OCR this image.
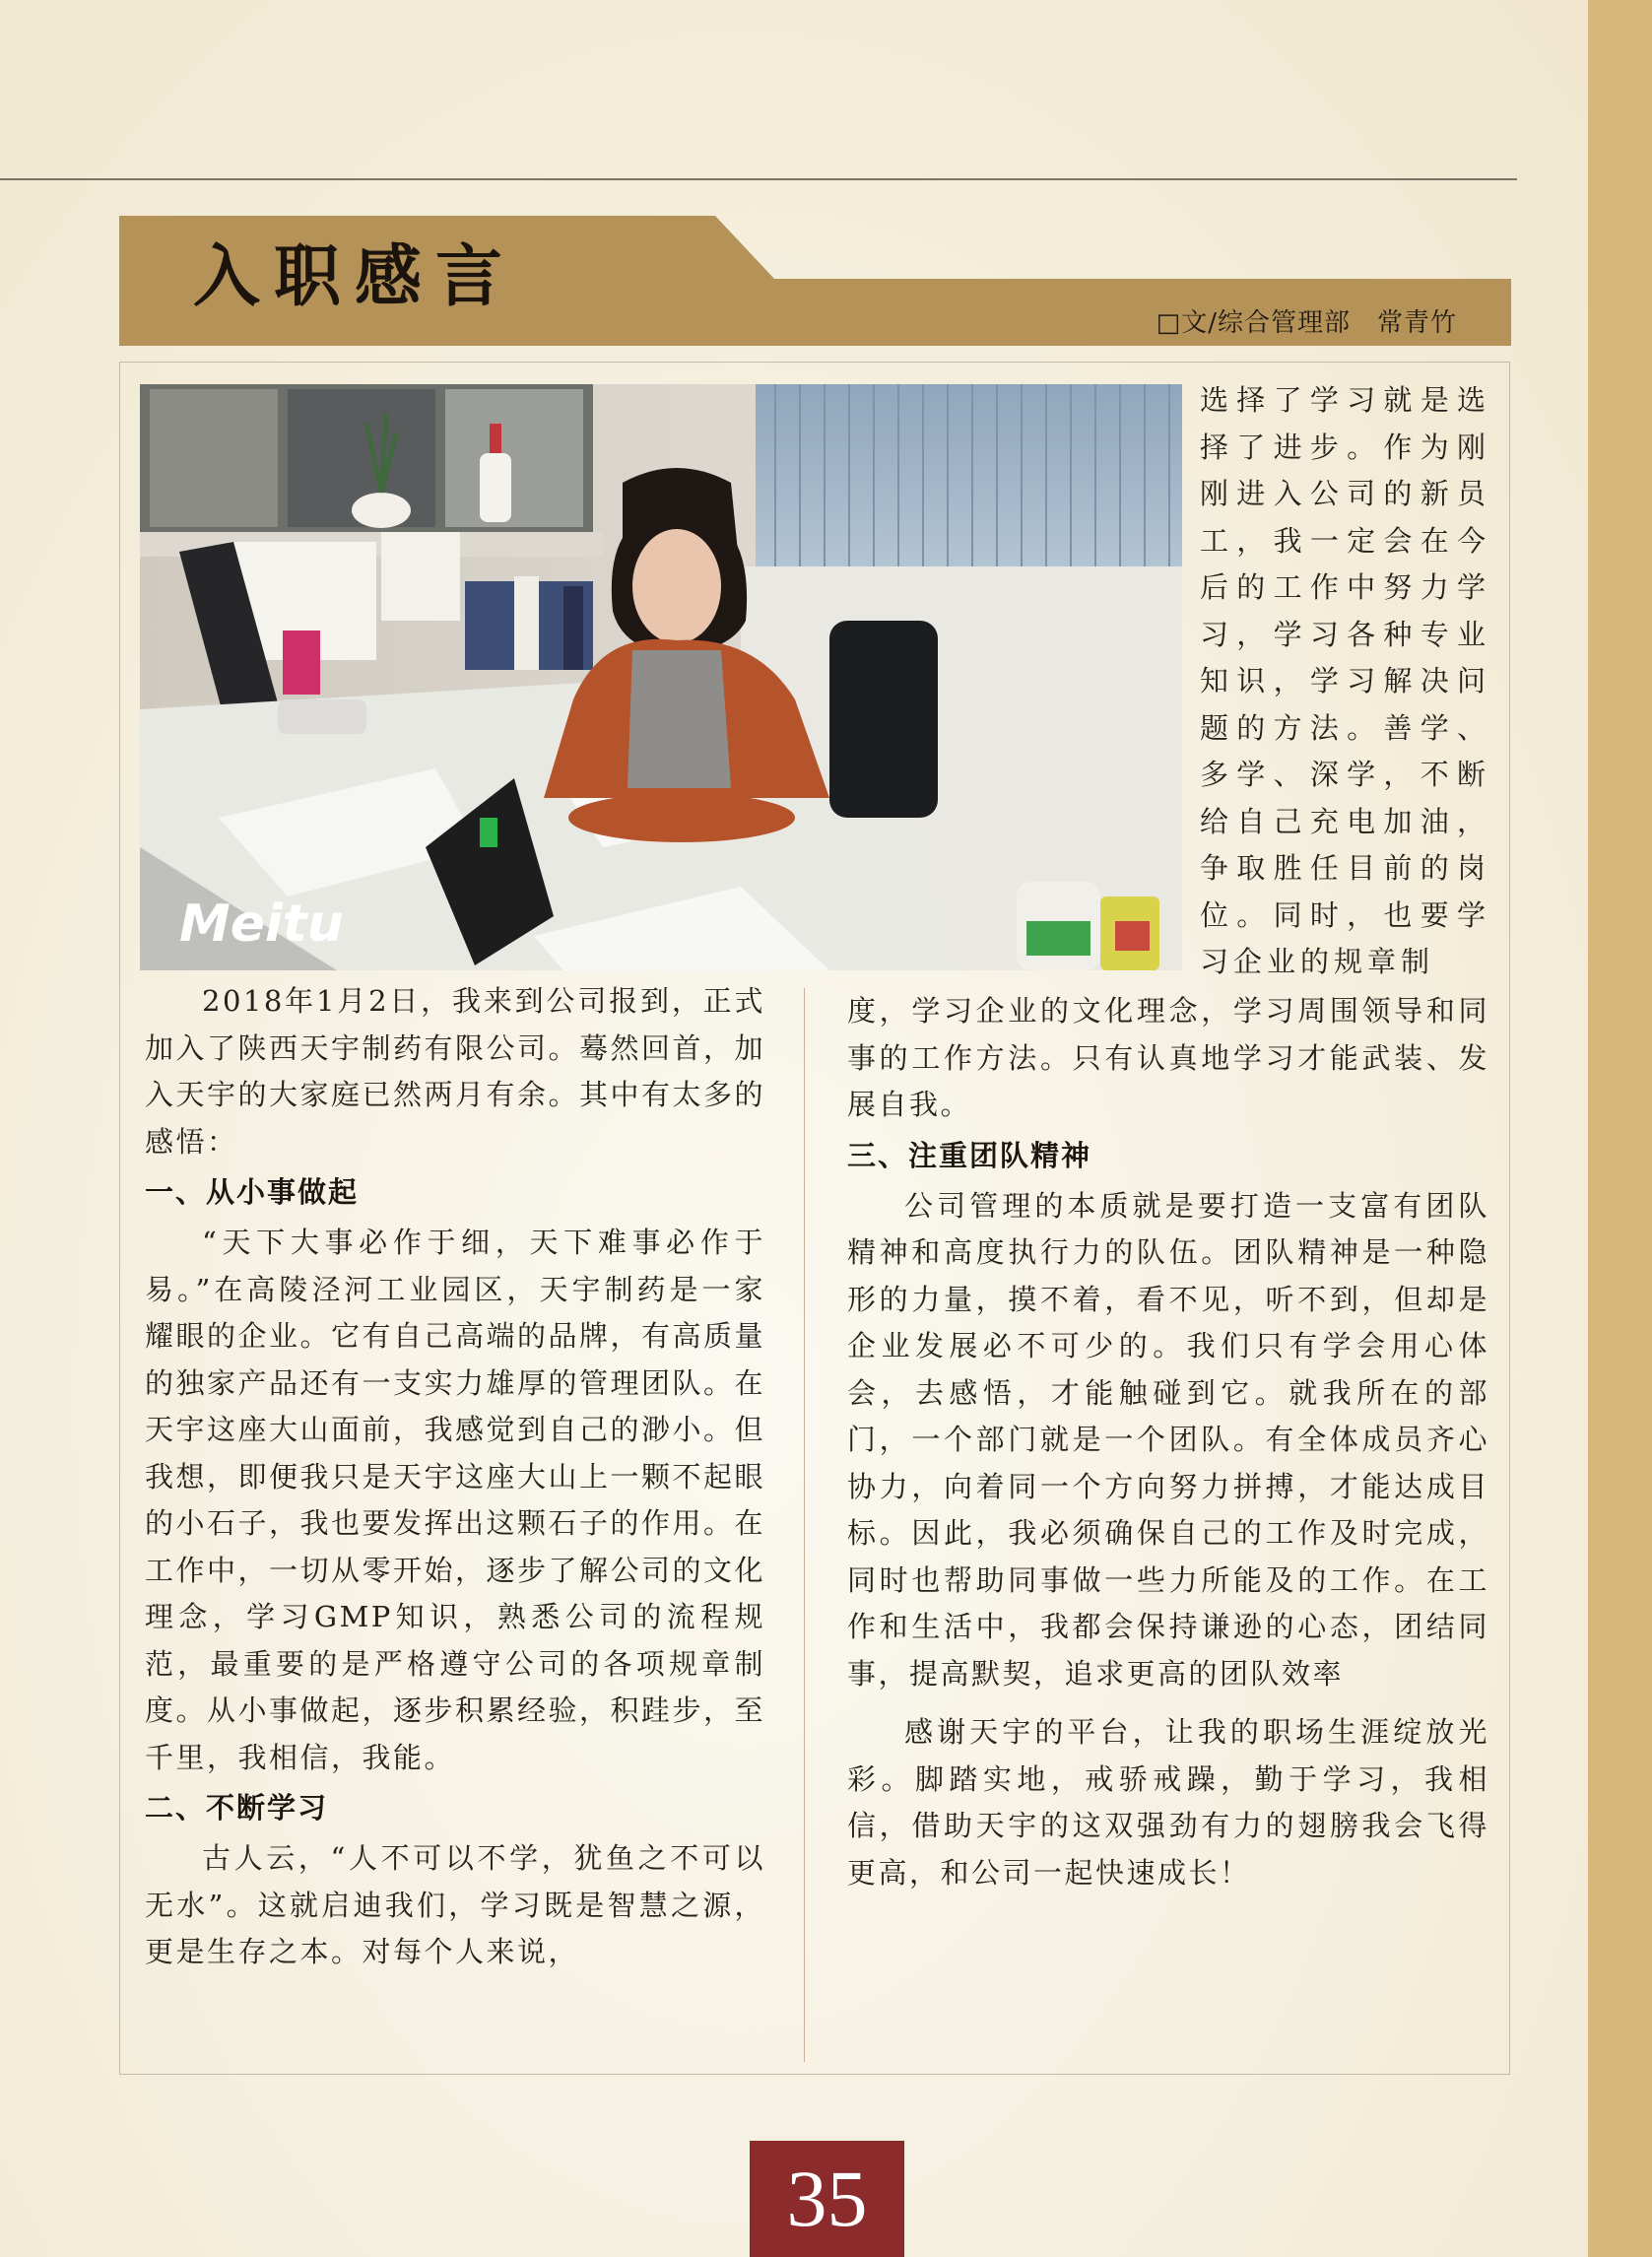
入职感言
□文/综合管理部　常青竹
Meitu

选择了学习就是选择了进步。作为刚刚进入公司的新员工，我一定会在今后的工作中努力学习，学习各种专业知识，学习解决问题的方法。善学、多学、深学，不断给自己充电加油，争取胜任目前的岗位。同时，也要学习企业的规章制

2018年1月2日，我来到公司报到，正式加入了陕西天宇制药有限公司。蓦然回首，加入天宇的大家庭已然两月有余。其中有太多的感悟：

一、从小事做起

“天下大事必作于细，天下难事必作于易。”在高陵泾河工业园区，天宇制药是一家耀眼的企业。它有自己高端的品牌，有高质量的独家产品还有一支实力雄厚的管理团队。在天宇这座大山面前，我感觉到自己的渺小。但我想，即便我只是天宇这座大山上一颗不起眼的小石子，我也要发挥出这颗石子的作用。在工作中，一切从零开始，逐步了解公司的文化理念，学习GMP知识，熟悉公司的流程规范，最重要的是严格遵守公司的各项规章制度。从小事做起，逐步积累经验，积跬步，至千里，我相信，我能。

二、不断学习

古人云，“人不可以不学，犹鱼之不可以无水”。这就启迪我们，学习既是智慧之源，更是生存之本。对每个人来说，

度，学习企业的文化理念，学习周围领导和同事的工作方法。只有认真地学习才能武装、发展自我。

三、注重团队精神

公司管理的本质就是要打造一支富有团队精神和高度执行力的队伍。团队精神是一种隐形的力量，摸不着，看不见，听不到，但却是企业发展必不可少的。我们只有学会用心体会，去感悟，才能触碰到它。就我所在的部门，一个部门就是一个团队。有全体成员齐心协力，向着同一个方向努力拼搏，才能达成目标。因此，我必须确保自己的工作及时完成，同时也帮助同事做一些力所能及的工作。在工作和生活中，我都会保持谦逊的心态，团结同事，提高默契，追求更高的团队效率

感谢天宇的平台，让我的职场生涯绽放光彩。脚踏实地，戒骄戒躁，勤于学习，我相信，借助天宇的这双强劲有力的翅膀我会飞得更高，和公司一起快速成长！

35
